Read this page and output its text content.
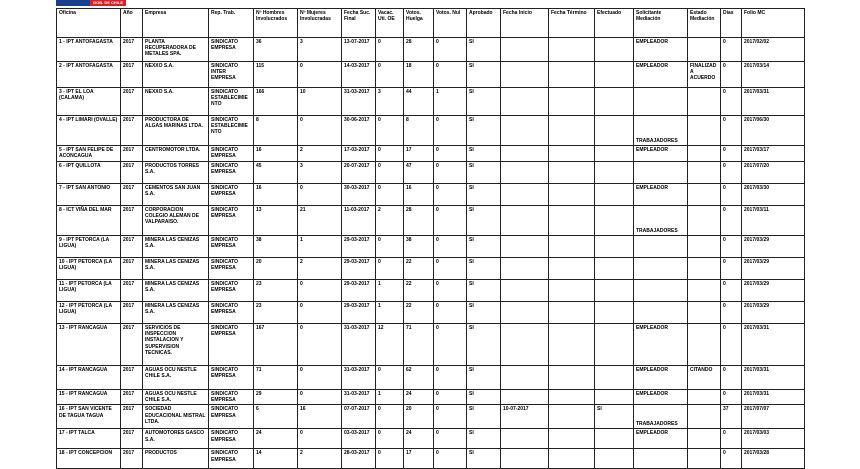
GOB. DE CHILE
Oficina	Año	Empresa	Rep. Trab.	Nº Hombres Involucrados	Nº Mujeres Involucradas	Fecha Suc. Final	Vacac. Uti. OE	Votos. Huelga	Votos. Nul	Aprobado	Fecha Inicio	Fecha Término	Efectuado	Solicitante Mediación	Estado Mediación	Días	Folio MC
1 - IPT ANTOFAGASTA	2017	PLANTA RECUPERADORA DE METALES SPA.	SINDICATO EMPRESA	36	3	13-07-2017	0	28	0	SI				EMPLEADOR		0	2017/02/02
2 - IPT ANTOFAGASTA	2017	NEXXO S.A.	SINDICATO INTER EMPRESA	115	0	14-03-2017	0	18	0	SI				EMPLEADOR	FINALIZADA ACUERDO	0	2017/03/14
3 - IPT EL LOA (CALAMA)	2017	NEXXO S.A.	SINDICATO ESTABLECIMIENTO	166	10	31-03-2017	3	44	1	SI						0	2017/03/31
4 - IPT LIMARI (OVALLE)	2017	PRODUCTORA DE ALGAS MARINAS LTDA.	SINDICATO ESTABLECIMIENTO	8	0	30-06-2017	0	8	0	SI				TRABAJADORES		0	2017/06/30
5 - IPT SAN FELIPE DE ACONCAGUA	2017	CENTROMOTOR LTDA.	SINDICATO EMPRESA	16	2	17-03-2017	0	17	0	SI				EMPLEADOR		0	2017/03/17
6 - IPT QUILLOTA	2017	PRODUCTOS TORRES S.A.	SINDICATO EMPRESA	45	3	20-07-2017	0	47	0	SI						0	2017/07/20
7 - IPT SAN ANTONIO	2017	CEMENTOS SAN JUAN S.A.	SINDICATO EMPRESA	16	0	30-03-2017	0	16	0	SI				EMPLEADOR		0	2017/03/30
8 - ICT VIÑA DEL MAR	2017	CORPORACION COLEGIO ALEMAN DE VALPARAISO.	SINDICATO EMPRESA	13	21	11-03-2017	2	28	0	SI				TRABAJADORES		0	2017/03/11
9 - IPT PETORCA (LA LIGUA)	2017	MINERA LAS CENIZAS S.A.	SINDICATO EMPRESA	38	1	29-03-2017	0	38	0	SI						0	2017/03/29
10 - IPT PETORCA (LA LIGUA)	2017	MINERA LAS CENIZAS S.A.	SINDICATO EMPRESA	20	2	29-03-2017	0	22	0	SI						0	2017/03/29
11 - IPT PETORCA (LA LIGUA)	2017	MINERA LAS CENIZAS S.A.	SINDICATO EMPRESA	23	0	29-03-2017	1	22	0	SI						0	2017/03/29
12 - IPT PETORCA (LA LIGUA)	2017	MINERA LAS CENIZAS S.A.	SINDICATO EMPRESA	23	0	29-03-2017	1	22	0	SI						0	2017/03/29
13 - IPT RANCAGUA	2017	SERVICIOS DE INSPECCION INSTALACION Y SUPERVISION TECNICAS.	SINDICATO EMPRESA	167	0	31-03-2017	12	71	0	SI				EMPLEADOR		0	2017/03/31
14 - IPT RANCAGUA	2017	AGUAS OCU NESTLE CHILE S.A.	SINDICATO EMPRESA	71	0	31-03-2017	0	62	0	SI				EMPLEADOR	CITANDO	0	2017/03/31
15 - IPT RANCAGUA	2017	AGUAS OCU NESTLE CHILE S.A.	SINDICATO EMPRESA	29	0	31-03-2017	1	24	0	SI				EMPLEADOR		0	2017/03/31
16 - IPT SAN VICENTE DE TAGUA TAGUA	2017	SOCIEDAD EDUCACIONAL MISTRAL LTDA.	SINDICATO EMPRESA	6	16	07-07-2017	0	20	0	SI	10-07-2017		SI	TRABAJADORES		37	2017/07/07
17 - IPT TALCA	2017	AUTOMOTORES GASCO S.A.	SINDICATO EMPRESA	24	0	03-03-2017	0	24	0	SI				EMPLEADOR		0	2017/03/03
18 - IPT CONCEPCION	2017	PRODUCTOS	SINDICATO EMPRESA	14	2	28-03-2017	0	17	0	SI						0	2017/03/28
